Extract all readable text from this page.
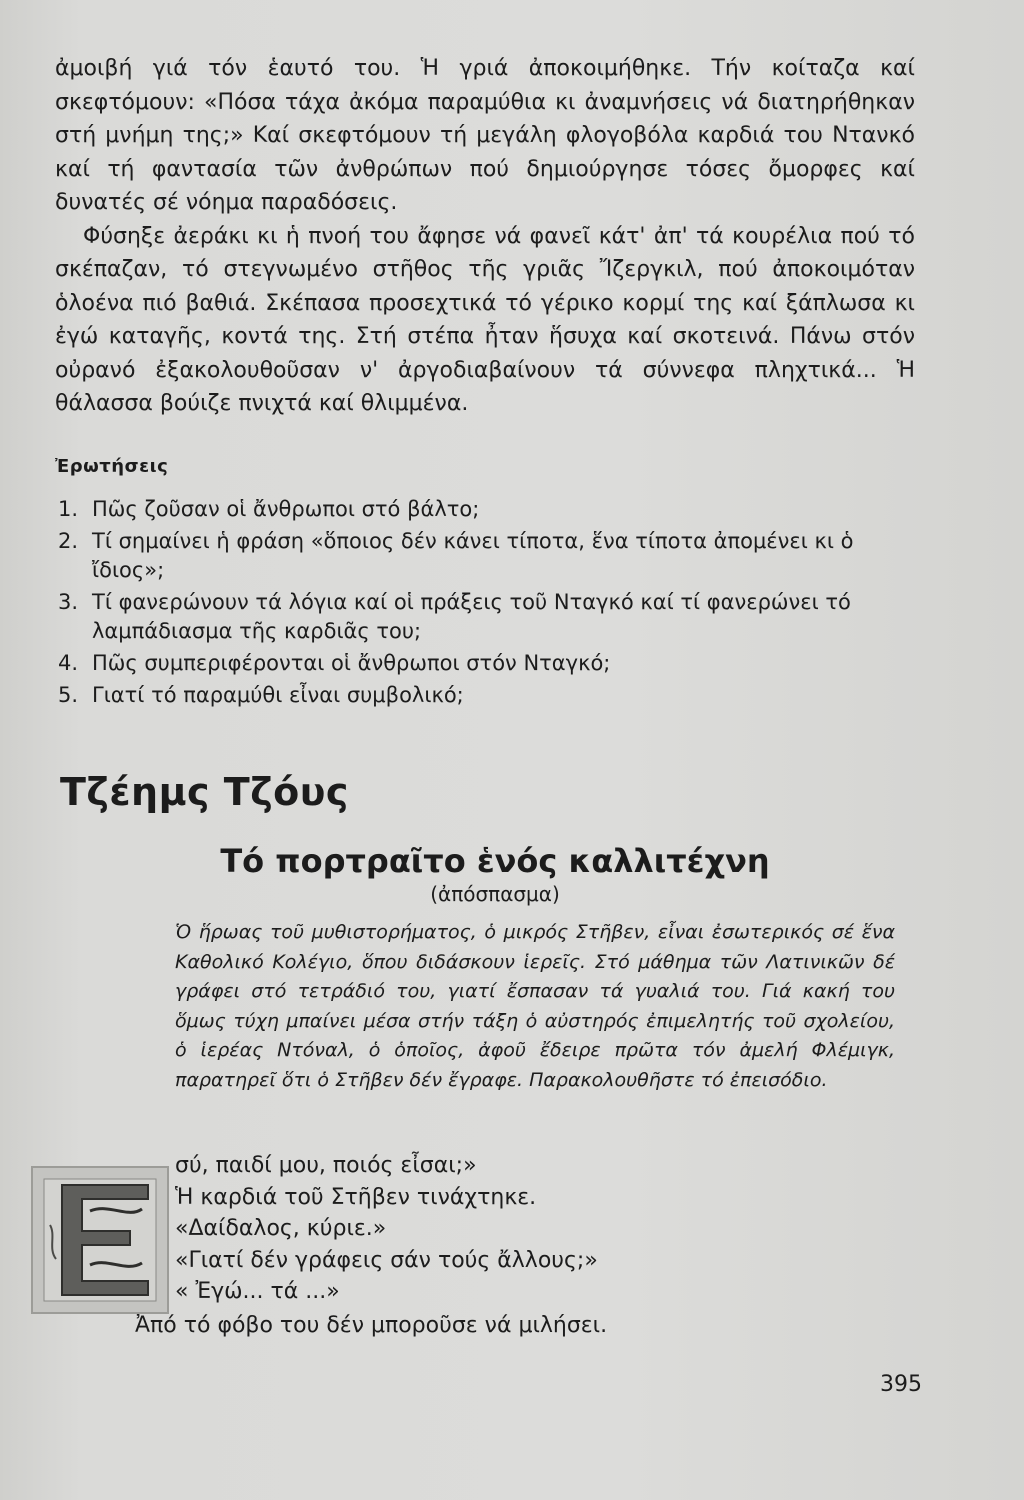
ἀμοιβή γιά τόν ἑαυτό του. Ἡ γριά ἀποκοιμήθηκε. Τήν κοίταζα καί σκεφτόμουν: «Πόσα τάχα ἀκόμα παραμύθια κι ἀναμνήσεις νά διατηρήθηκαν στή μνήμη της;» Καί σκεφτόμουν τή μεγάλη φλογοβόλα καρδιά του Ντανκό καί τή φαντασία τῶν ἀνθρώπων πού δημιούργησε τόσες ὄμορφες καί δυνατές σέ νόημα παραδόσεις.

Φύσηξε ἀεράκι κι ἡ πνοή του ἄφησε νά φανεῖ κάτ' ἀπ' τά κουρέλια πού τό σκέπαζαν, τό στεγνωμένο στῆθος τῆς γριᾶς Ἴζεργκιλ, πού ἀποκοιμόταν ὁλοένα πιό βαθιά. Σκέπασα προσεχτικά τό γέρικο κορμί της καί ξάπλωσα κι ἐγώ καταγῆς, κοντά της. Στή στέπα ἦταν ἥσυχα καί σκοτεινά. Πάνω στόν οὐρανό ἐξακολουθοῦσαν ν' ἀργοδιαβαίνουν τά σύννεφα πληχτικά... Ἡ θάλασσα βούιζε πνιχτά καί θλιμμένα.

Ἐρωτήσεις
1. Πῶς ζοῦσαν οἱ ἄνθρωποι στό βάλτο;
2. Τί σημαίνει ἡ φράση «ὅποιος δέν κάνει τίποτα, ἕνα τίποτα ἀπομένει κι ὁ ἴδιος»;
3. Τί φανερώνουν τά λόγια καί οἱ πράξεις τοῦ Νταγκό καί τί φανερώνει τό λαμπάδιασμα τῆς καρδιᾶς του;
4. Πῶς συμπεριφέρονται οἱ ἄνθρωποι στόν Νταγκό;
5. Γιατί τό παραμύθι εἶναι συμβολικό;
Τζέημς Τζόυς
Τό πορτραῖτο ἑνός καλλιτέχνη
(ἀπόσπασμα)
Ὁ ἥρωας τοῦ μυθιστορήματος, ὁ μικρός Στῆβεν, εἶναι ἐσωτερικός σέ ἕνα Καθολικό Κολέγιο, ὅπου διδάσκουν ἱερεῖς. Στό μάθημα τῶν Λατινικῶν δέ γράφει στό τετράδιό του, γιατί ἔσπασαν τά γυαλιά του. Γιά κακή του ὅμως τύχη μπαίνει μέσα στήν τάξη ὁ αὐστηρός ἐπιμελητής τοῦ σχολείου, ὁ ἱερέας Ντόναλ, ὁ ὁποῖος, ἀφοῦ ἔδειρε πρῶτα τόν ἀμελή Φλέμιγκ, παρατηρεῖ ὅτι ὁ Στῆβεν δέν ἔγραφε. Παρακολουθῆστε τό ἐπεισόδιο.
σύ, παιδί μου, ποιός εἶσαι;»
Ἡ καρδιά τοῦ Στῆβεν τινάχτηκε.
«Δαίδαλος, κύριε.»
«Γιατί δέν γράφεις σάν τούς ἄλλους;»
« Ἐγώ... τά ...»
Ἀπό τό φόβο του δέν μποροῦσε νά μιλήσει.
395
